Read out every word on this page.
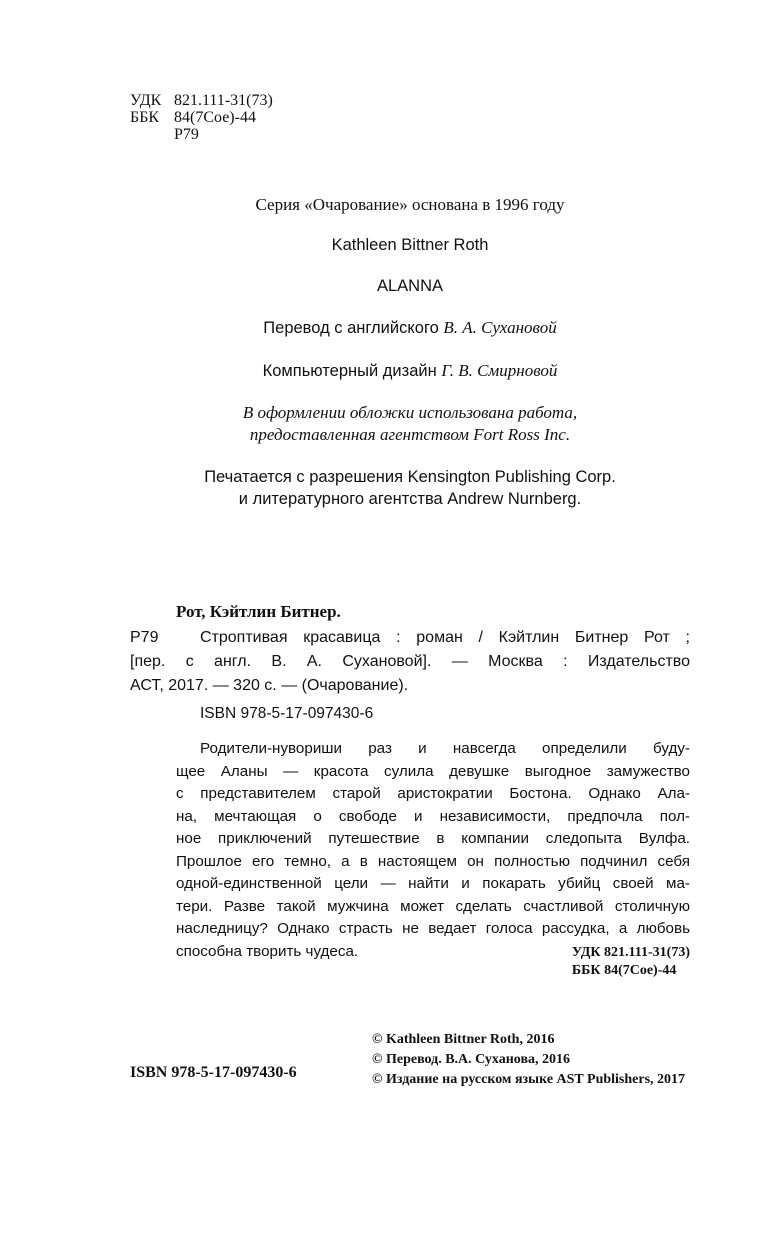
УДК 821.111-31(73)
ББК 84(7Сое)-44
Р79
Серия «Очарование» основана в 1996 году
Kathleen Bittner Roth
ALANNA
Перевод с английского В. А. Сухановой
Компьютерный дизайн Г. В. Смирновой
В оформлении обложки использована работа,
предоставленная агентством Fort Ross Inc.
Печатается с разрешения Kensington Publishing Corp.
и литературного агентства Andrew Nurnberg.
Рот, Кэйтлин Битнер.
Р79	Строптивая красавица : роман / Кэйтлин Битнер Рот ;
[пер. с англ. В. А. Сухановой]. — Москва : Издательство
АСТ, 2017. — 320 с. — (Очарование).
ISBN 978-5-17-097430-6
Родители-нувориши раз и навсегда определили буду-
щее Аланы — красота сулила девушке выгодное замужество
с представителем старой аристократии Бостона. Однако Ала-
на, мечтающая о свободе и независимости, предпочла пол-
ное приключений путешествие в компании следопыта Вулфа.
Прошлое его темно, а в настоящем он полностью подчинил себя
одной-единственной цели — найти и покарать убийц своей ма-
тери. Разве такой мужчина может сделать счастливой столичную
наследницу? Однако страсть не ведает голоса рассудка, а любовь
способна творить чудеса.	УДК 821.111-31(73)
ББК 84(7Сое)-44
© Kathleen Bittner Roth, 2016
© Перевод. В.А. Суханова, 2016
© Издание на русском языке AST Publishers, 2017
ISBN 978-5-17-097430-6
